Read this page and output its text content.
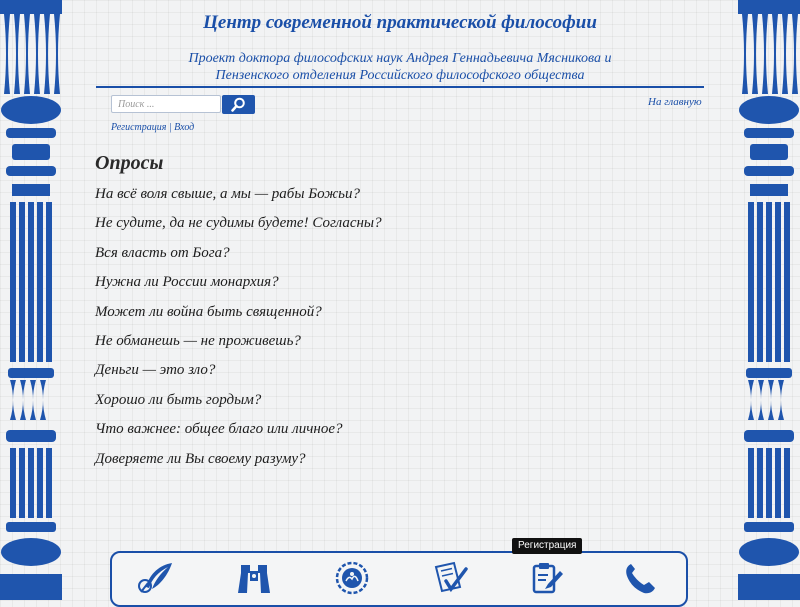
Центр современной практической философии
Проект доктора философских наук Андрея Геннадьевича Мясникова и
Пензенского отделения Российского философского общества
Поиск ...
На главную
Регистрация | Вход
Опросы
На всё воля свыше, а мы — рабы Божьи?
Не судите, да не судимы будете! Согласны?
Вся власть от Бога?
Нужна ли России монархия?
Может ли война быть священной?
Не обманешь — не проживешь?
Деньги — это зло?
Хорошо ли быть гордым?
Что важнее: общее благо или личное?
Доверяете ли Вы своему разуму?
Регистрация
